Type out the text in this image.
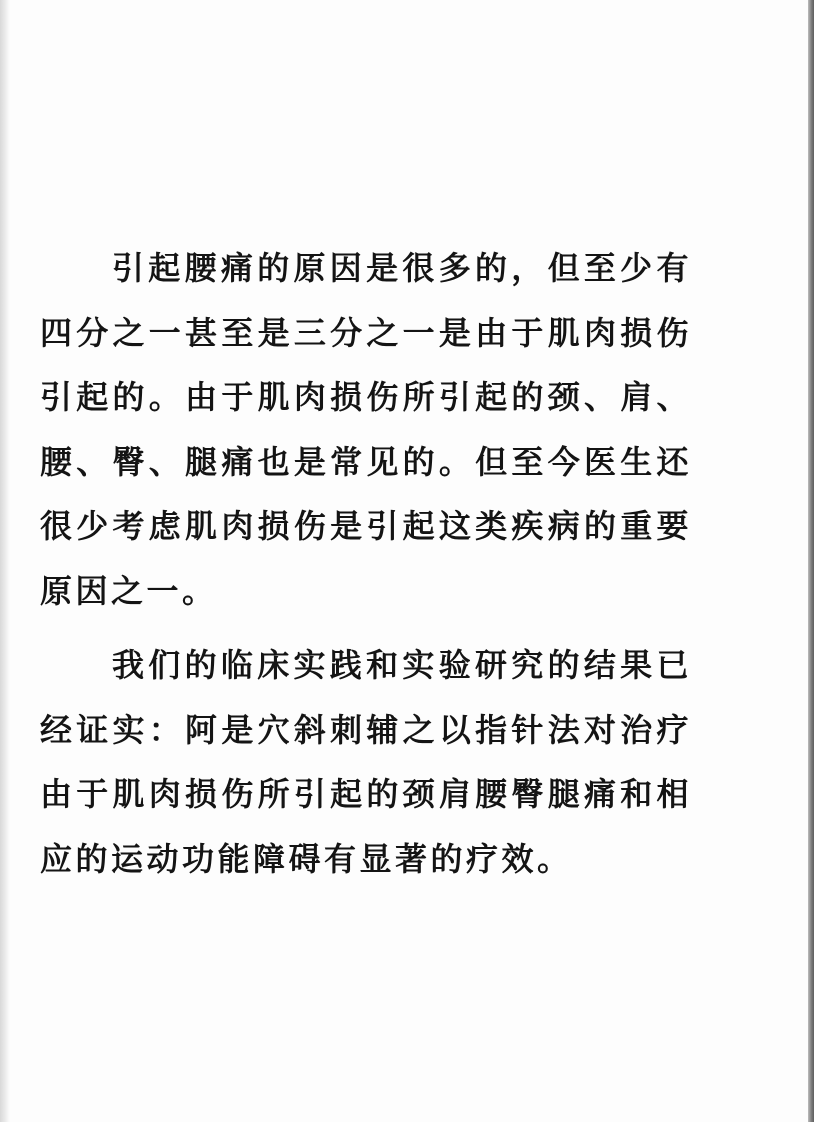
引起腰痛的原因是很多的，但至少有四分之一甚至是三分之一是由于肌肉损伤引起的。由于肌肉损伤所引起的颈、肩、腰、臀、腿痛也是常见的。但至今医生还很少考虑肌肉损伤是引起这类疾病的重要原因之一。

我们的临床实践和实验研究的结果已经证实：阿是穴斜刺辅之以指针法对治疗由于肌肉损伤所引起的颈肩腰臀腿痛和相应的运动功能障碍有显著的疗效。
